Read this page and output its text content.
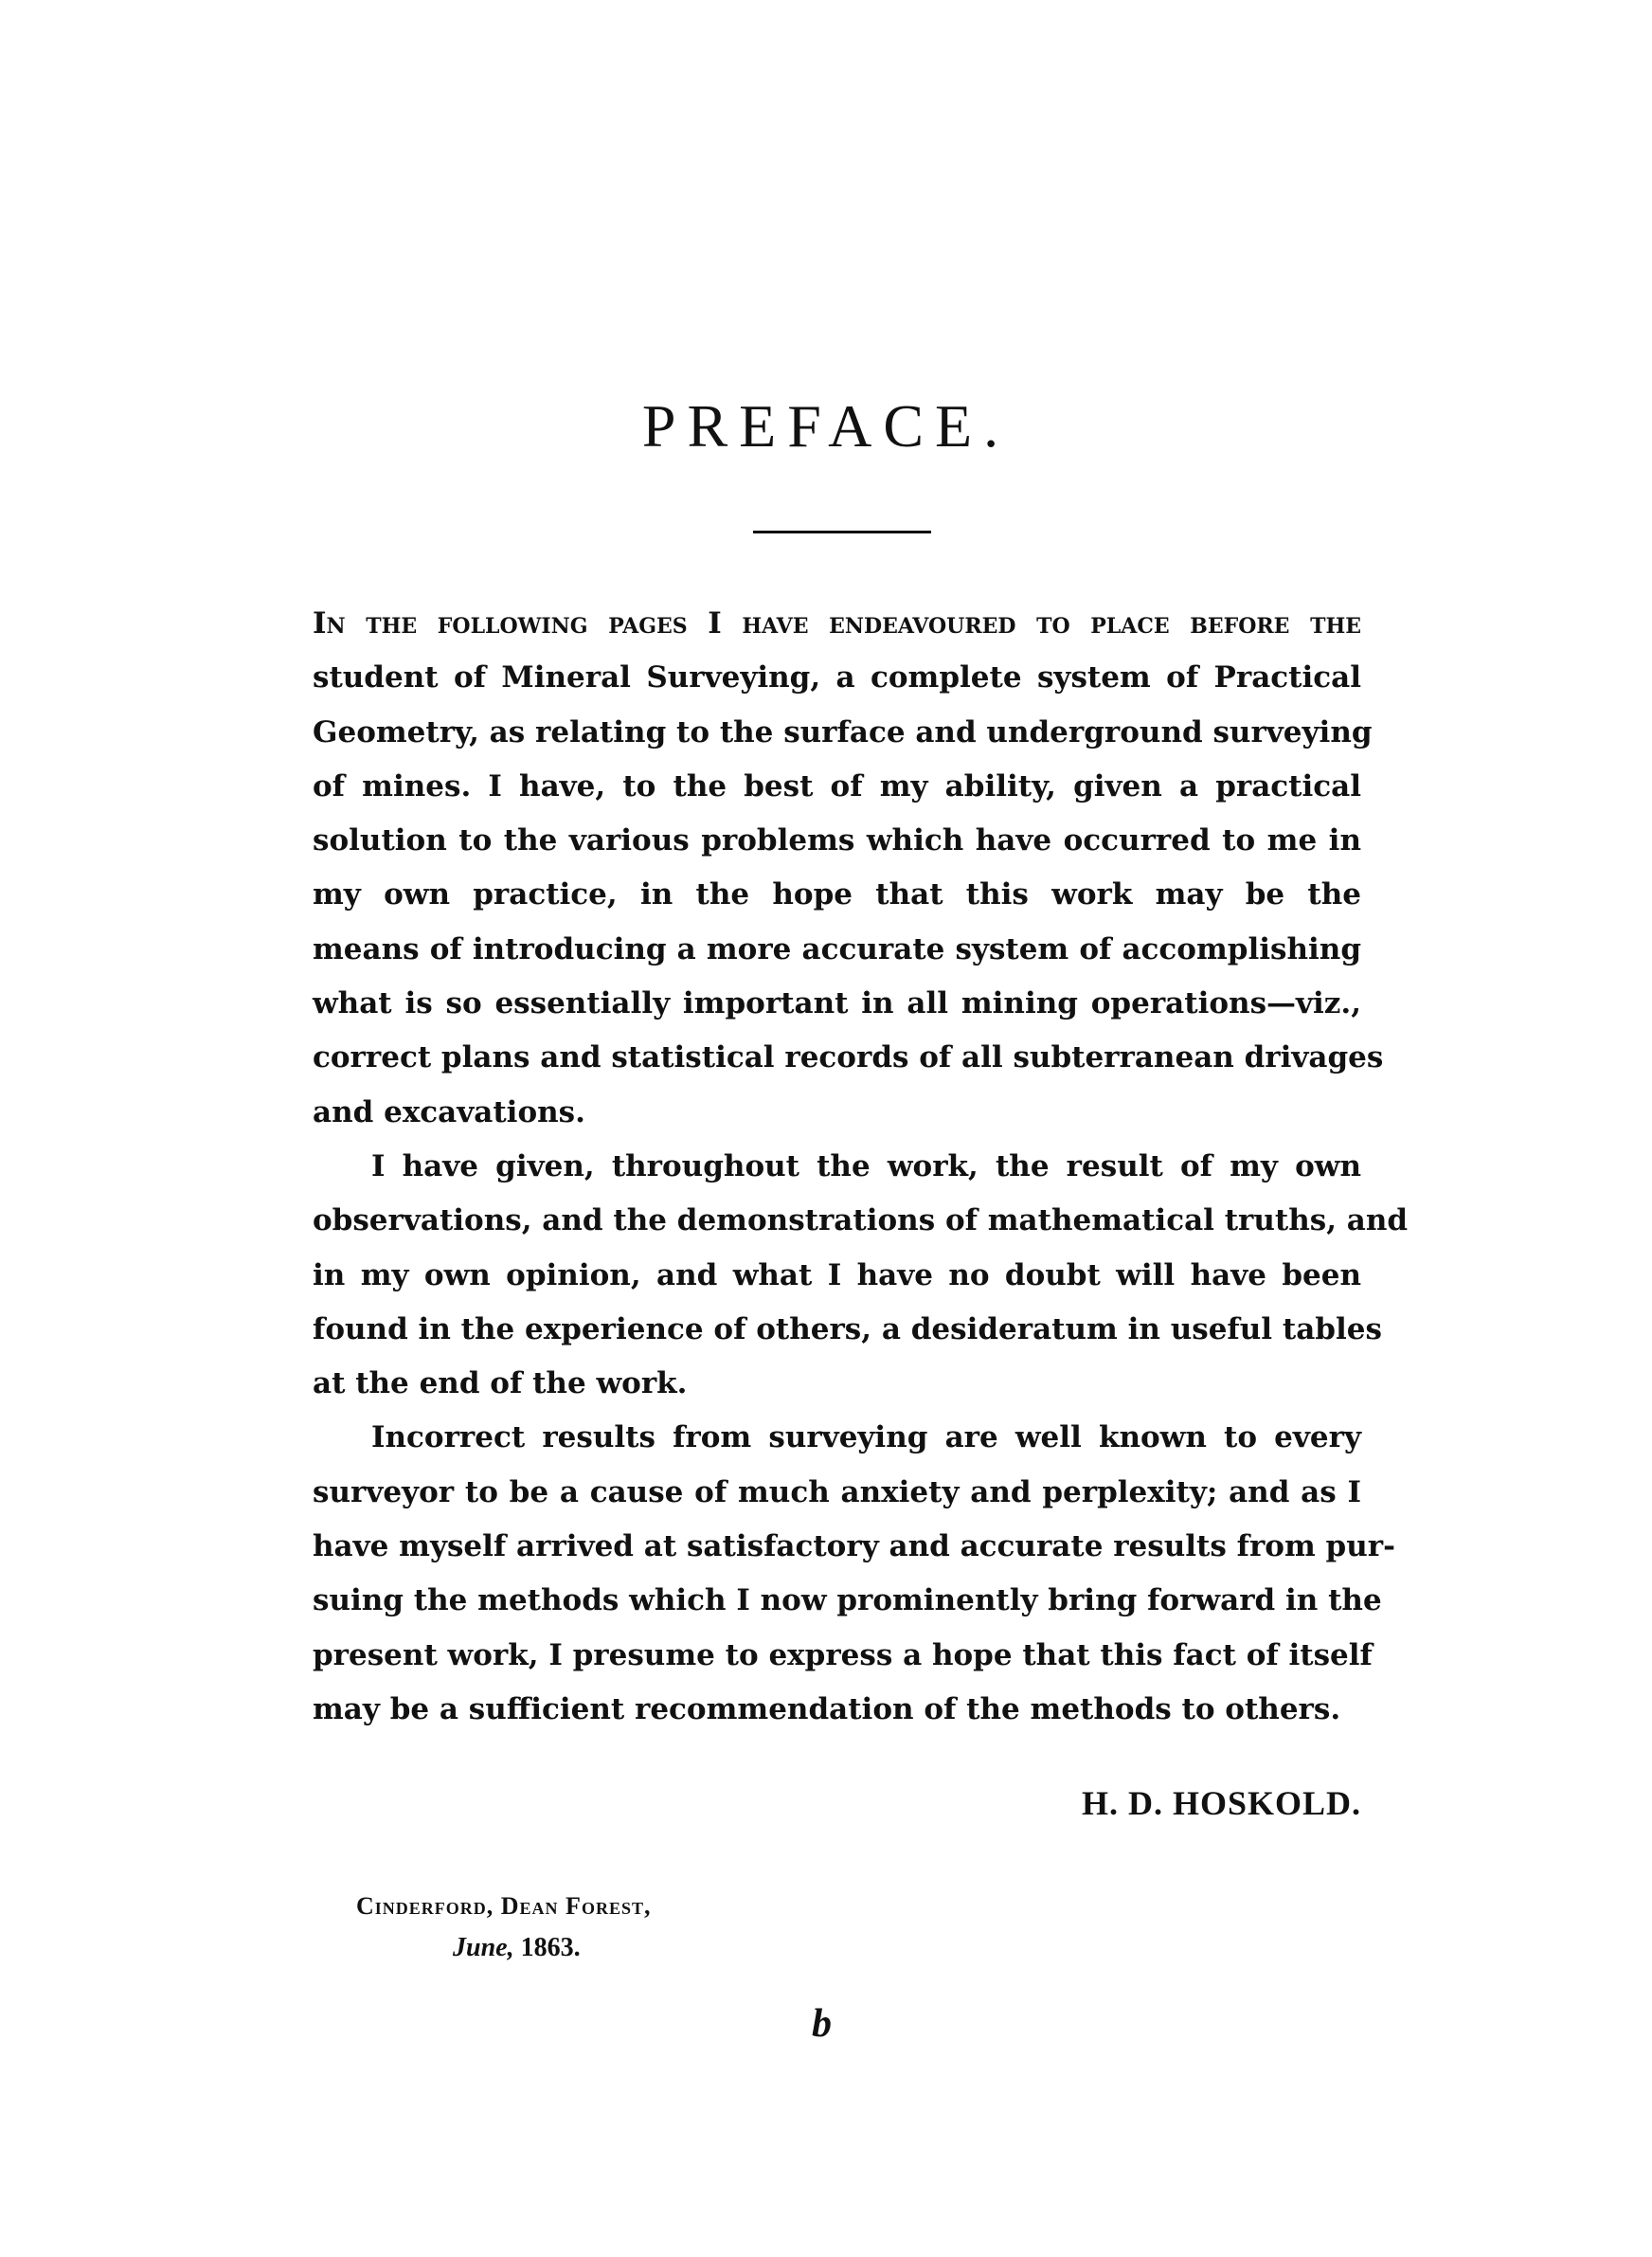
PREFACE.
In the following pages I have endeavoured to place before the
student of Mineral Surveying, a complete system of Practical
Geometry, as relating to the surface and underground surveying
of mines. I have, to the best of my ability, given a practical
solution to the various problems which have occurred to me in
my own practice, in the hope that this work may be the
means of introducing a more accurate system of accomplishing
what is so essentially important in all mining operations—viz.,
correct plans and statistical records of all subterranean drivages
and excavations.
I have given, throughout the work, the result of my own
observations, and the demonstrations of mathematical truths, and
in my own opinion, and what I have no doubt will have been
found in the experience of others, a desideratum in useful tables
at the end of the work.
Incorrect results from surveying are well known to every
surveyor to be a cause of much anxiety and perplexity; and as I
have myself arrived at satisfactory and accurate results from pur-
suing the methods which I now prominently bring forward in the
present work, I presume to express a hope that this fact of itself
may be a sufficient recommendation of the methods to others.
H. D. HOSKOLD.
Cinderford, Dean Forest,
June, 1863.
b
